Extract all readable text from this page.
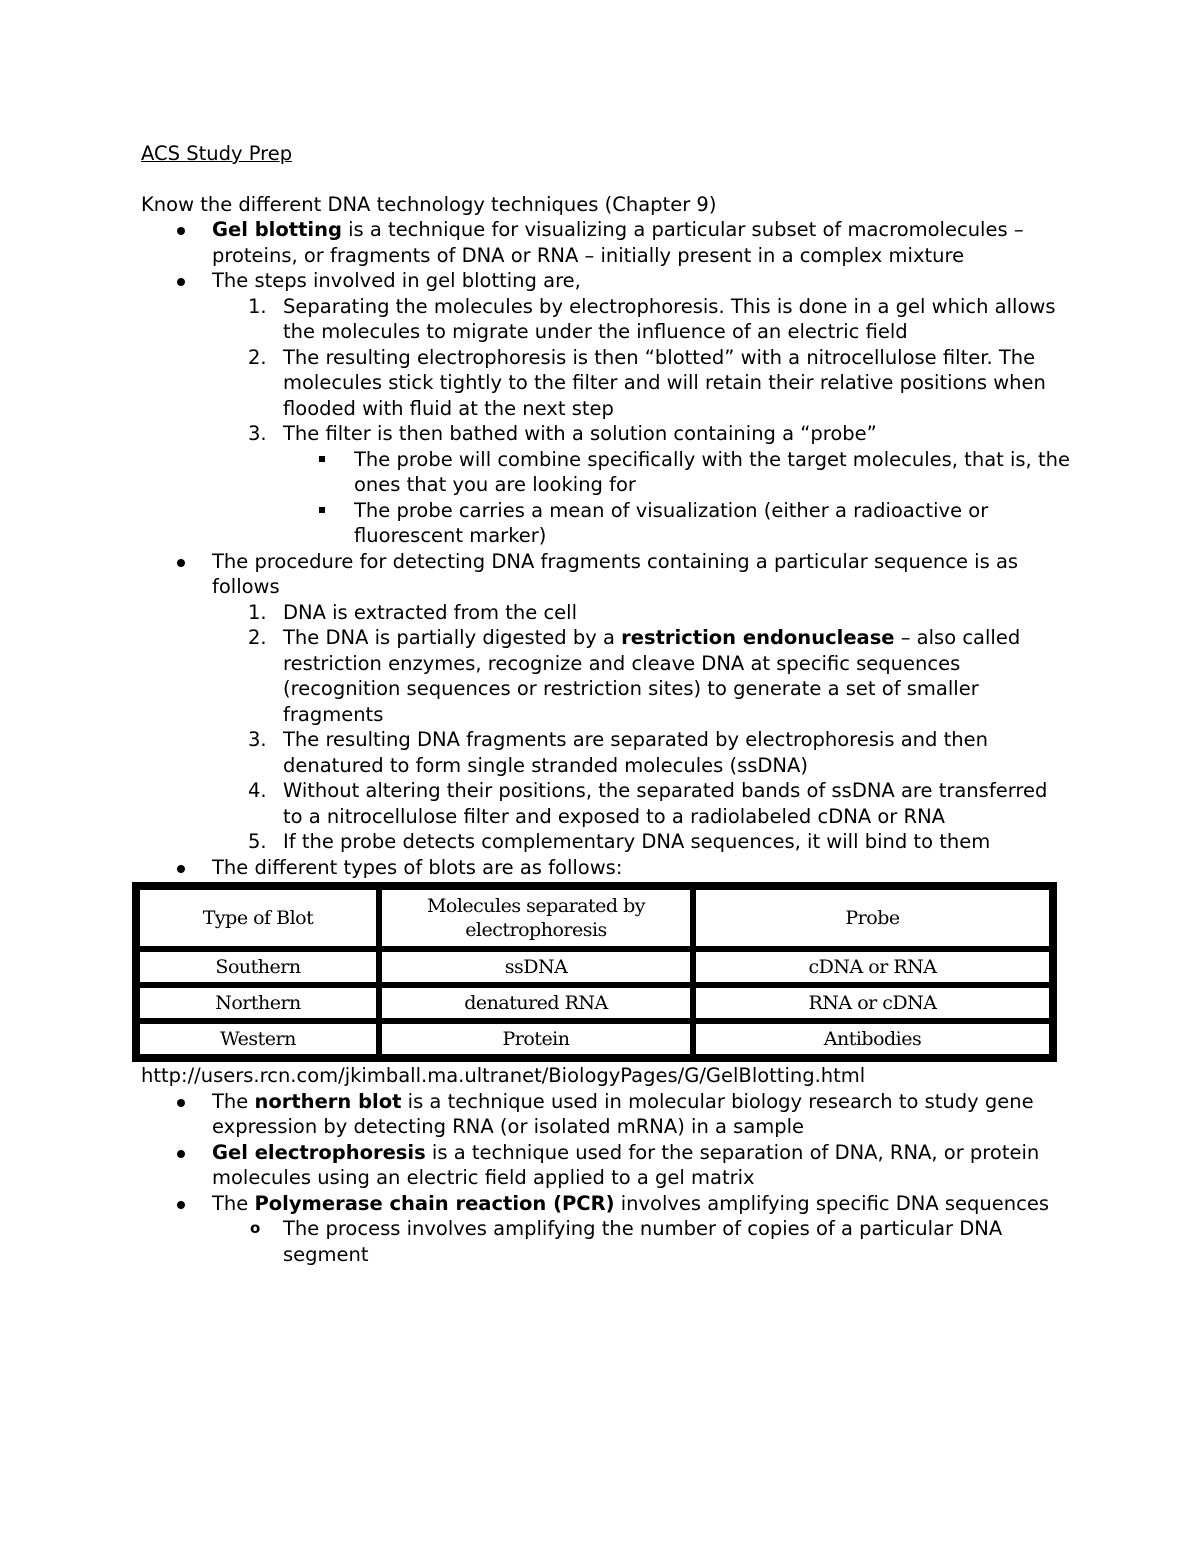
ACS Study Prep

Know the different DNA technology techniques (Chapter 9)

Gel blotting is a technique for visualizing a particular subset of macromolecules – proteins, or fragments of DNA or RNA – initially present in a complex mixture
The steps involved in gel blotting are,
1. Separating the molecules by electrophoresis. This is done in a gel which allows the molecules to migrate under the influence of an electric field
2. The resulting electrophoresis is then “blotted” with a nitrocellulose filter. The molecules stick tightly to the filter and will retain their relative positions when flooded with fluid at the next step
3. The filter is then bathed with a solution containing a “probe”
The probe will combine specifically with the target molecules, that is, the ones that you are looking for
The probe carries a mean of visualization (either a radioactive or fluorescent marker)
The procedure for detecting DNA fragments containing a particular sequence is as follows
1. DNA is extracted from the cell
2. The DNA is partially digested by a restriction endonuclease – also called restriction enzymes, recognize and cleave DNA at specific sequences (recognition sequences or restriction sites) to generate a set of smaller fragments
3. The resulting DNA fragments are separated by electrophoresis and then denatured to form single stranded molecules (ssDNA)
4. Without altering their positions, the separated bands of ssDNA are transferred to a nitrocellulose filter and exposed to a radiolabeled cDNA or RNA
5. If the probe detects complementary DNA sequences, it will bind to them
The different types of blots are as follows:
Type of Blot	Molecules separated by electrophoresis	Probe
Southern	ssDNA	cDNA or RNA
Northern	denatured RNA	RNA or cDNA
Western	Protein	Antibodies

http://users.rcn.com/jkimball.ma.ultranet/BiologyPages/G/GelBlotting.html

The northern blot is a technique used in molecular biology research to study gene expression by detecting RNA (or isolated mRNA) in a sample
Gel electrophoresis is a technique used for the separation of DNA, RNA, or protein molecules using an electric field applied to a gel matrix
The Polymerase chain reaction (PCR) involves amplifying specific DNA sequences
o The process involves amplifying the number of copies of a particular DNA segment
